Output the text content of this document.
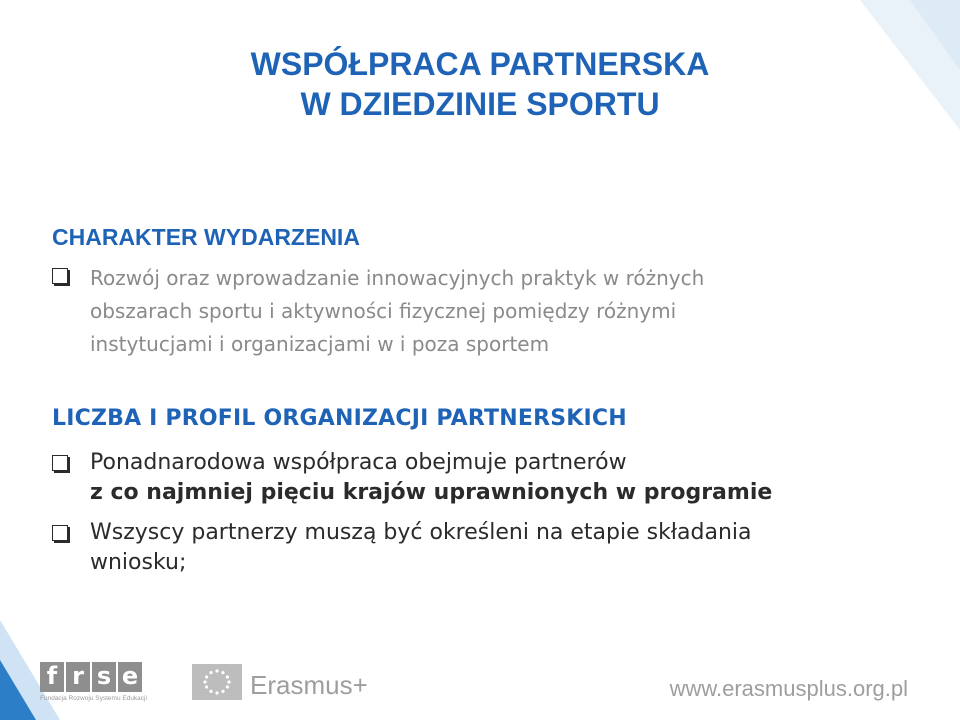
WSPÓŁPRACA PARTNERSKA
W DZIEDZINIE SPORTU
CHARAKTER WYDARZENIA
Rozwój oraz wprowadzanie innowacyjnych praktyk w różnych
obszarach sportu i aktywności fizycznej pomiędzy różnymi
instytucjami i organizacjami w i poza sportem
LICZBA I PROFIL ORGANIZACJI PARTNERSKICH
Ponadnarodowa współpraca obejmuje partnerów
z co najmniej pięciu krajów uprawnionych w programie
Wszyscy partnerzy muszą być określeni na etapie składania
wniosku;
f r s e
Fundacja Rozwoju Systemu Edukacji	Erasmus+	www.erasmusplus.org.pl
